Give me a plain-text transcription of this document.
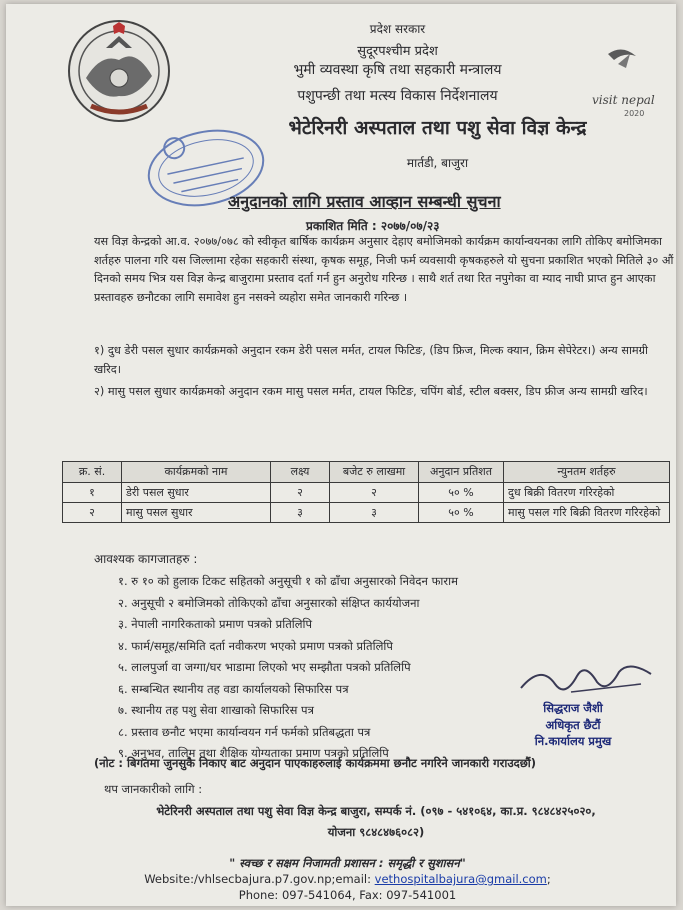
visit nepal
2020
प्रदेश सरकार
सुदूरपश्चीम प्रदेश
भुमी व्यवस्था कृषि तथा सहकारी मन्त्रालय
पशुपन्छी तथा मत्स्य विकास निर्देशनालय
भेटेरिनरी अस्पताल तथा पशु सेवा विज्ञ केन्द्र
मार्तडी, बाजुरा
अनुदानको लागि प्रस्ताव आव्हान सम्बन्धी सुचना
प्रकाशित मिति : २०७७/०७/२३
यस विज्ञ केन्द्रको आ.व. २०७७/०७८ को स्वीकृत बार्षिक कार्यक्रम अनुसार देहाए बमोजिमको कार्यक्रम कार्यान्वयनका लागि तोकिए बमोजिमका शर्तहरु पालना गरि यस जिल्लामा रहेका सहकारी संस्था, कृषक समूह, निजी फर्म व्यवसायी कृषकहरुले यो सुचना प्रकाशित भएको मितिले ३० औं दिनको समय भित्र यस विज्ञ केन्द्र बाजुरामा प्रस्ताव दर्ता गर्न हुन अनुरोध गरिन्छ । साथै शर्त तथा रित नपुगेका वा म्याद नाघी प्राप्त हुन आएका प्रस्तावहरु छनौटका लागि समावेश हुन नसक्ने व्यहोरा समेत जानकारी गरिन्छ ।
१) दुध डेरी पसल सुधार कार्यक्रमको अनुदान रकम डेरी पसल मर्मत, टायल फिटिङ, (डिप फ्रिज, मिल्क क्यान, क्रिम सेपेरेटर।) अन्य सामग्री खरिद।
२) मासु पसल सुधार कार्यक्रमको अनुदान रकम मासु पसल मर्मत, टायल फिटिङ, चपिंग बोर्ड, स्टील बक्सर, डिप फ्रीज अन्य सामग्री खरिद।
क्र. सं.	कार्यक्रमको नाम	लक्ष्य	बजेट रु लाखमा	अनुदान प्रतिशत	न्युनतम शर्तहरु
१	डेरी पसल सुधार	२	२	५० %	दुध बिक्री वितरण गरिरहेको
२	मासु पसल सुधार	३	३	५० %	मासु पसल गरि बिक्री वितरण गरिरहेको
आवश्यक कागजातहरु :
१. रु १० को हुलाक टिकट सहितको अनुसूची १ को ढाँचा अनुसारको निवेदन फाराम
२. अनुसूची २ बमोजिमको तोकिएको ढाँचा अनुसारको संक्षिप्त कार्ययोजना
३. नेपाली नागरिकताको प्रमाण पत्रको प्रतिलिपि
४. फार्म/समूह/समिति दर्ता नवीकरण भएको प्रमाण पत्रको प्रतिलिपि
५. लालपुर्जा वा जग्गा/घर भाडामा लिएको भए सम्झौता पत्रको प्रतिलिपि
६. सम्बन्धित स्थानीय तह वडा कार्यालयको सिफारिस पत्र
७. स्थानीय तह पशु सेवा शाखाको सिफारिस पत्र
८. प्रस्ताव छनौट भएमा कार्यान्वयन गर्न फर्मको प्रतिबद्धता पत्र
९. अनुभव, तालिम तथा शैक्षिक योग्यताका प्रमाण पत्रको प्रतिलिपि
सिद्धराज जैशी
अधिकृत छैटौं
नि.कार्यालय प्रमुख
(नोट : बिगतमा जुनसुकै निकाए बाट अनुदान पाएकाहरुलाई कार्यक्रममा छनौट नगरिने जानकारी गराउदछौं)
थप जानकारीको लागि :
भेटेरिनरी अस्पताल तथा पशु सेवा विज्ञ केन्द्र बाजुरा, सम्पर्क नं. (०९७ - ५४१०६४, का.प्र. ९८४८४२५०२०,
योजना ९८४८४७६०८२)
" स्वच्छ र सक्षम निजामती प्रशासन : समृद्धी र सुशासन"
Website:/vhlsecbajura.p7.gov.np;email: vethospitalbajura@gmail.com;
Phone: 097-541064, Fax: 097-541001
